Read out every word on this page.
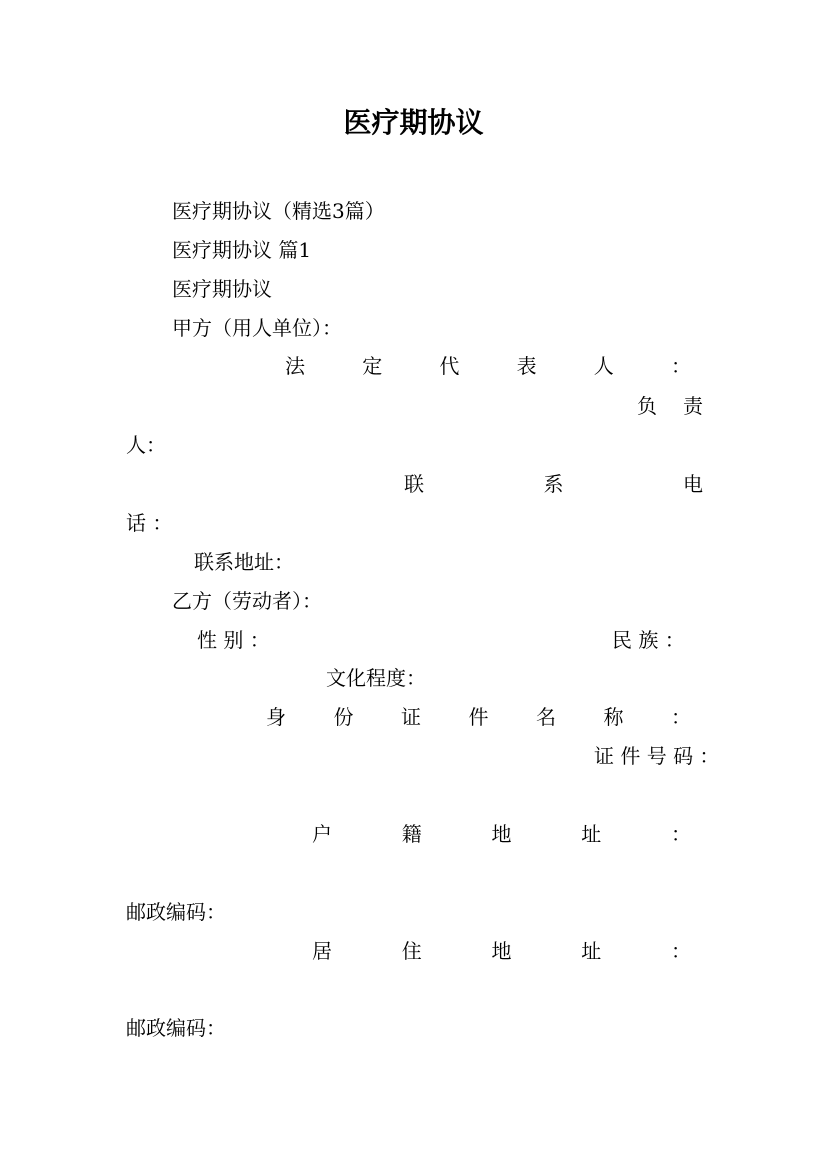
医疗期协议
医疗期协议（精选3篇）
医疗期协议 篇1
医疗期协议
甲方（用人单位）：
法	定	代	表	人	：
负 责
人：
联	系	电
话 ：
联系地址：
乙方（劳动者）：
性 别 ：	民 族 ：
文化程度：
身 份 证 件 名 称 ：
证 件 号 码 ：
户	籍	地	址	：
邮政编码：
居	住	地	址	：
邮政编码：
